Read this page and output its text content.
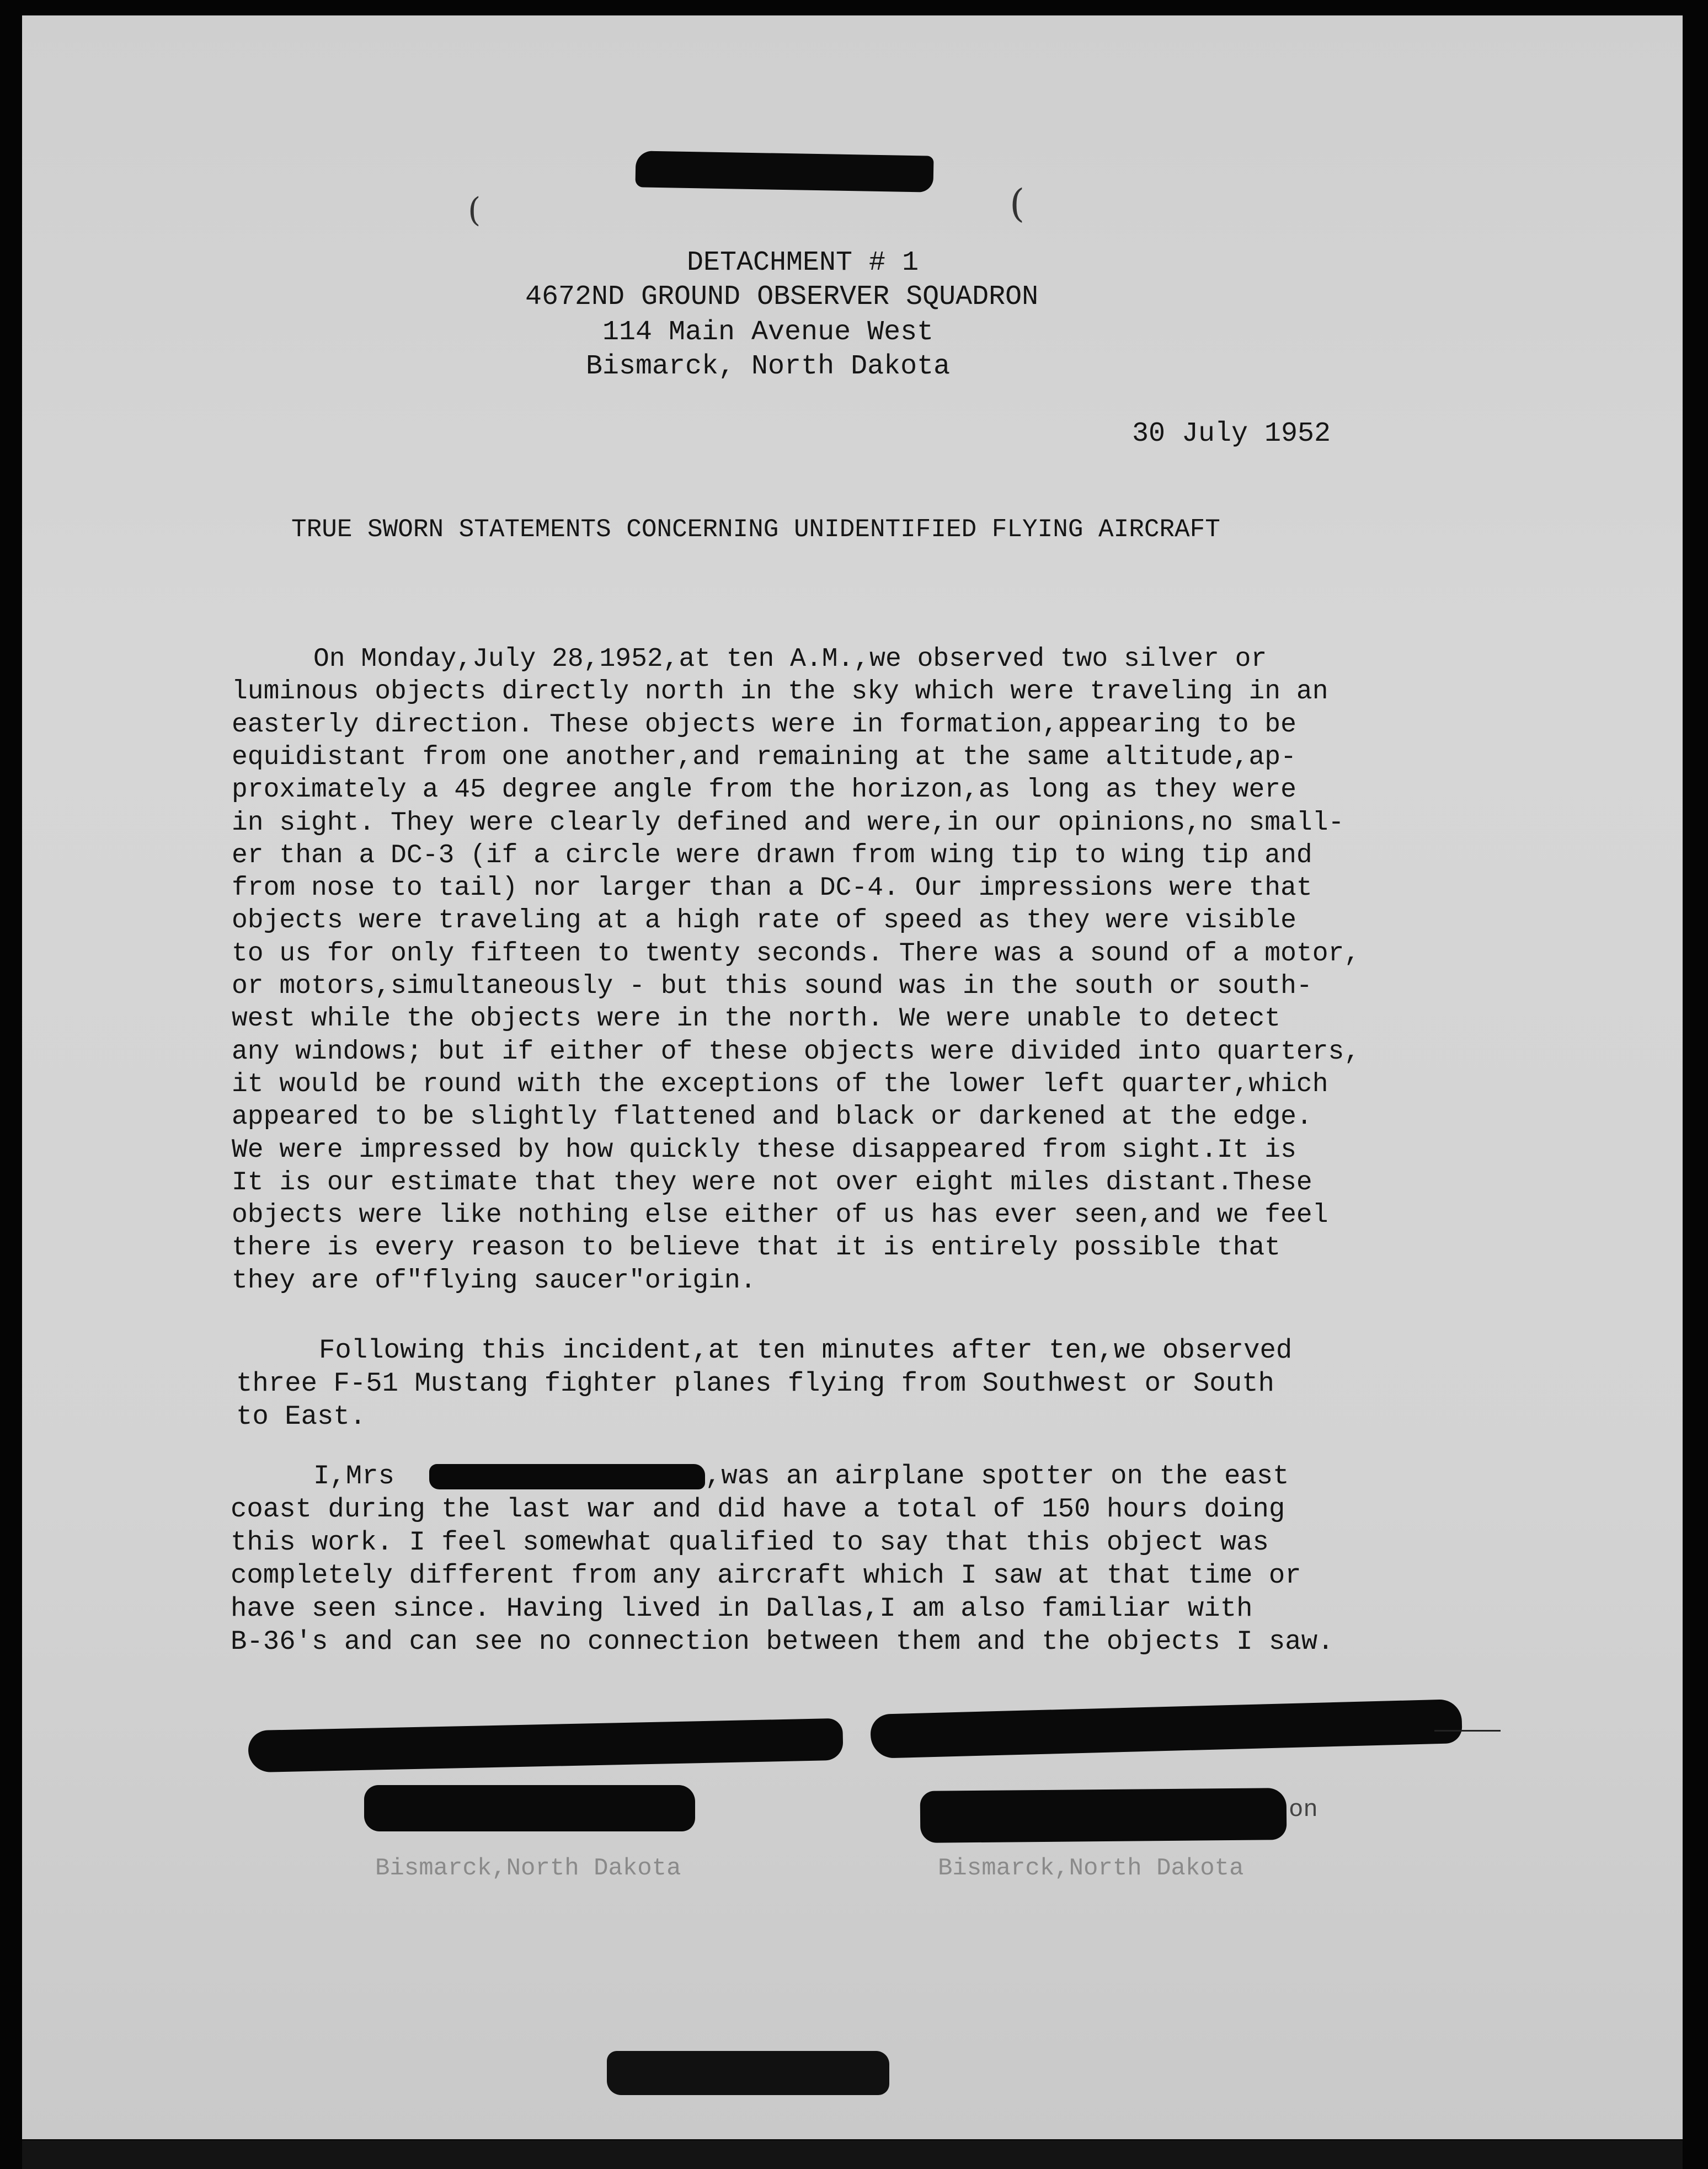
(	(
DETACHMENT # 1
4672ND GROUND OBSERVER SQUADRON
114 Main Avenue West
Bismarck, North Dakota
30 July 1952
TRUE SWORN STATEMENTS CONCERNING UNIDENTIFIED FLYING AIRCRAFT
On Monday,July 28,1952,at ten A.M.,we observed two silver or
luminous objects directly north in the sky which were traveling in an
easterly direction. These objects were in formation,appearing to be
equidistant from one another,and remaining at the same altitude,ap-
proximately a 45 degree angle from the horizon,as long as they were
in sight. They were clearly defined and were,in our opinions,no small-
er than a DC-3 (if a circle were drawn from wing tip to wing tip and
from nose to tail) nor larger than a DC-4. Our impressions were that
objects were traveling at a high rate of speed as they were visible
to us for only fifteen to twenty seconds. There was a sound of a motor,
or motors,simultaneously - but this sound was in the south or south-
west while the objects were in the north. We were unable to detect
any windows; but if either of these objects were divided into quarters,
it would be round with the exceptions of the lower left quarter,which
appeared to be slightly flattened and black or darkened at the edge.
We were impressed by how quickly these disappeared from sight.It is
It is our estimate that they were not over eight miles distant.These
objects were like nothing else either of us has ever seen,and we feel
there is every reason to believe that it is entirely possible that
they are of"flying saucer"origin.
Following this incident,at ten minutes after ten,we observed
three F-51 Mustang fighter planes flying from Southwest or South
to East.
I,Mrs	,was an airplane spotter on the east
coast during the last war and did have a total of 150 hours doing
this work. I feel somewhat qualified to say that this object was
completely different from any aircraft which I saw at that time or
have seen since. Having lived in Dallas,I am also familiar with
B-36's and can see no connection between them and the objects I saw.
on
Bismarck,North Dakota	Bismarck,North Dakota
